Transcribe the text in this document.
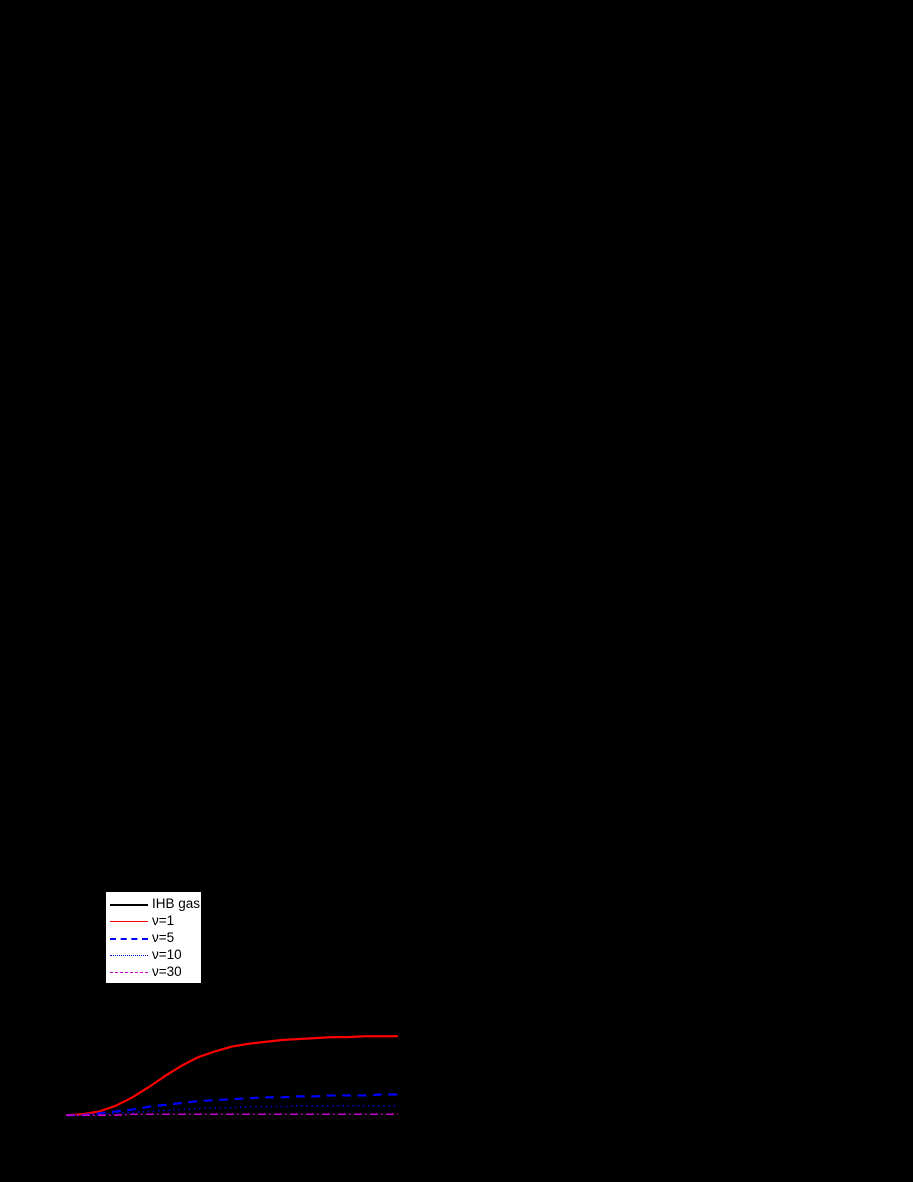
IHB gas
ν=1
ν=5
ν=10
ν=30
